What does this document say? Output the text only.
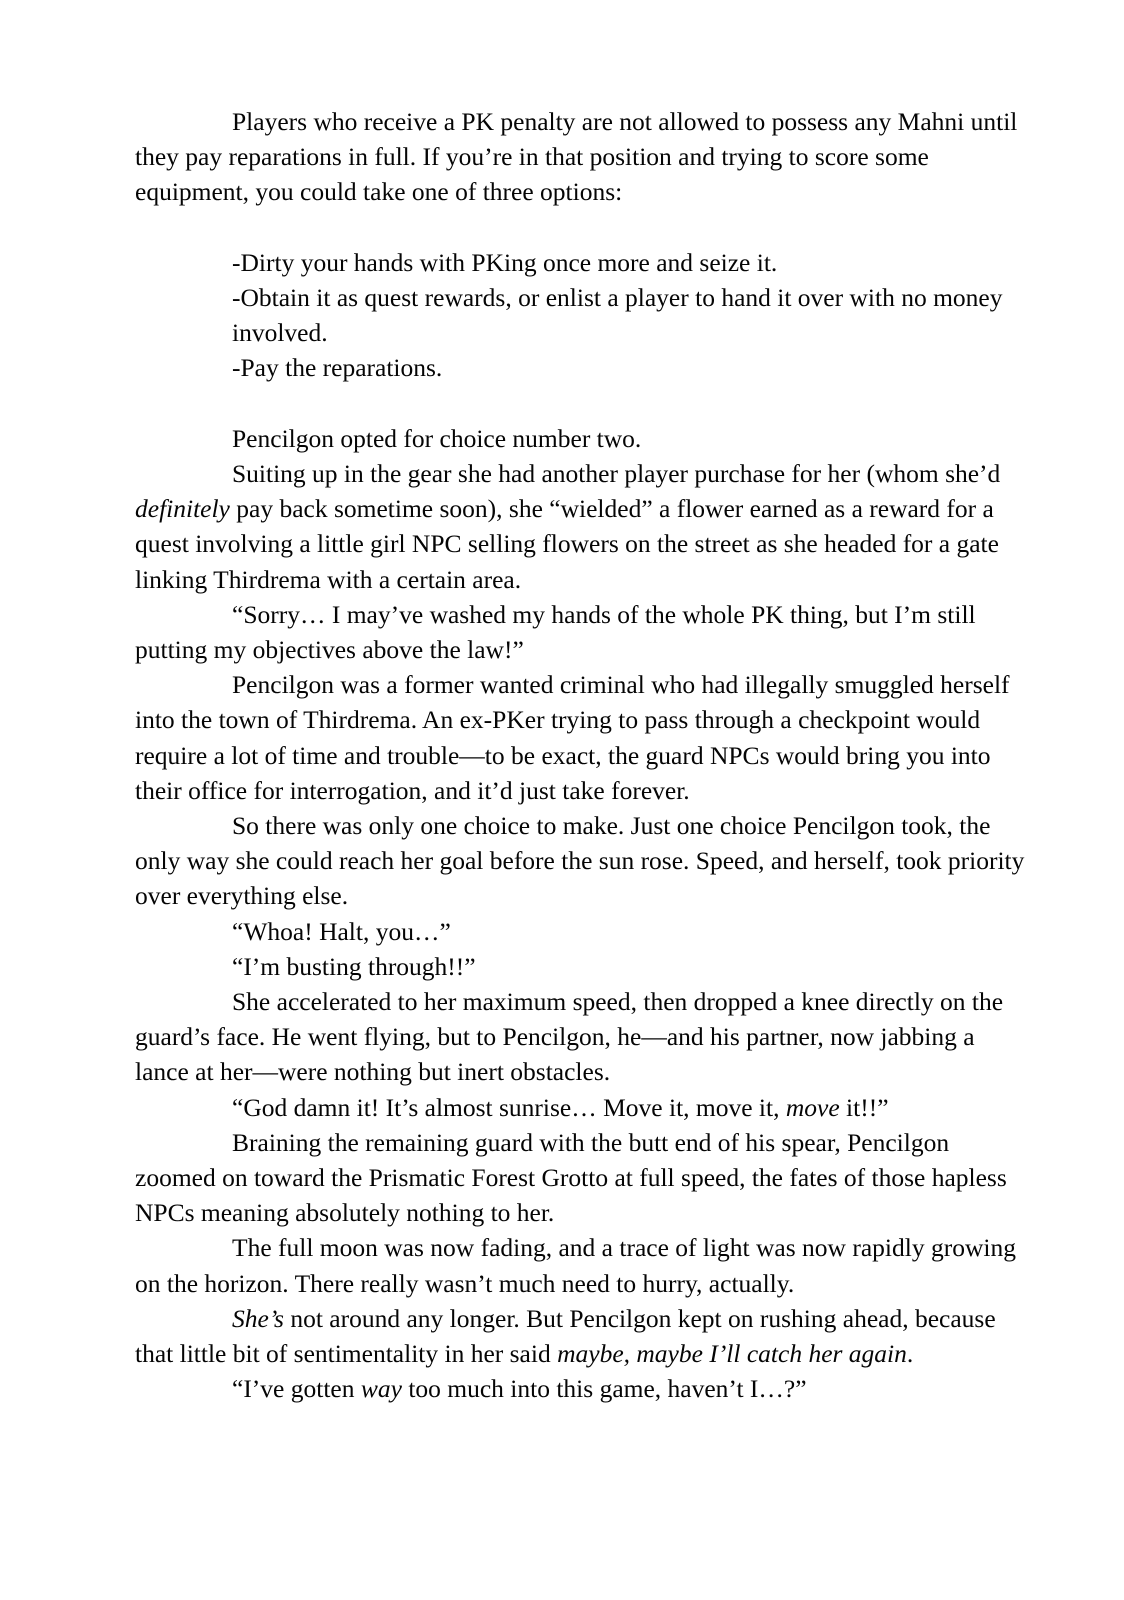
Players who receive a PK penalty are not allowed to possess any Mahni until they pay reparations in full. If you’re in that position and trying to score some equipment, you could take one of three options:

-Dirty your hands with PKing once more and seize it.
-Obtain it as quest rewards, or enlist a player to hand it over with no money involved.
-Pay the reparations.

Pencilgon opted for choice number two.

Suiting up in the gear she had another player purchase for her (whom she’d definitely pay back sometime soon), she “wielded” a flower earned as a reward for a quest involving a little girl NPC selling flowers on the street as she headed for a gate linking Thirdrema with a certain area.

“Sorry… I may’ve washed my hands of the whole PK thing, but I’m still putting my objectives above the law!”

Pencilgon was a former wanted criminal who had illegally smuggled herself into the town of Thirdrema. An ex-PKer trying to pass through a checkpoint would require a lot of time and trouble—to be exact, the guard NPCs would bring you into their office for interrogation, and it’d just take forever.

So there was only one choice to make. Just one choice Pencilgon took, the only way she could reach her goal before the sun rose. Speed, and herself, took priority over everything else.

“Whoa! Halt, you…”

“I’m busting through!!”

She accelerated to her maximum speed, then dropped a knee directly on the guard’s face. He went flying, but to Pencilgon, he—and his partner, now jabbing a lance at her—were nothing but inert obstacles.

“God damn it! It’s almost sunrise… Move it, move it, move it!!”

Braining the remaining guard with the butt end of his spear, Pencilgon zoomed on toward the Prismatic Forest Grotto at full speed, the fates of those hapless NPCs meaning absolutely nothing to her.

The full moon was now fading, and a trace of light was now rapidly growing on the horizon. There really wasn’t much need to hurry, actually.

She’s not around any longer. But Pencilgon kept on rushing ahead, because that little bit of sentimentality in her said maybe, maybe I’ll catch her again.

“I’ve gotten way too much into this game, haven’t I…?”
